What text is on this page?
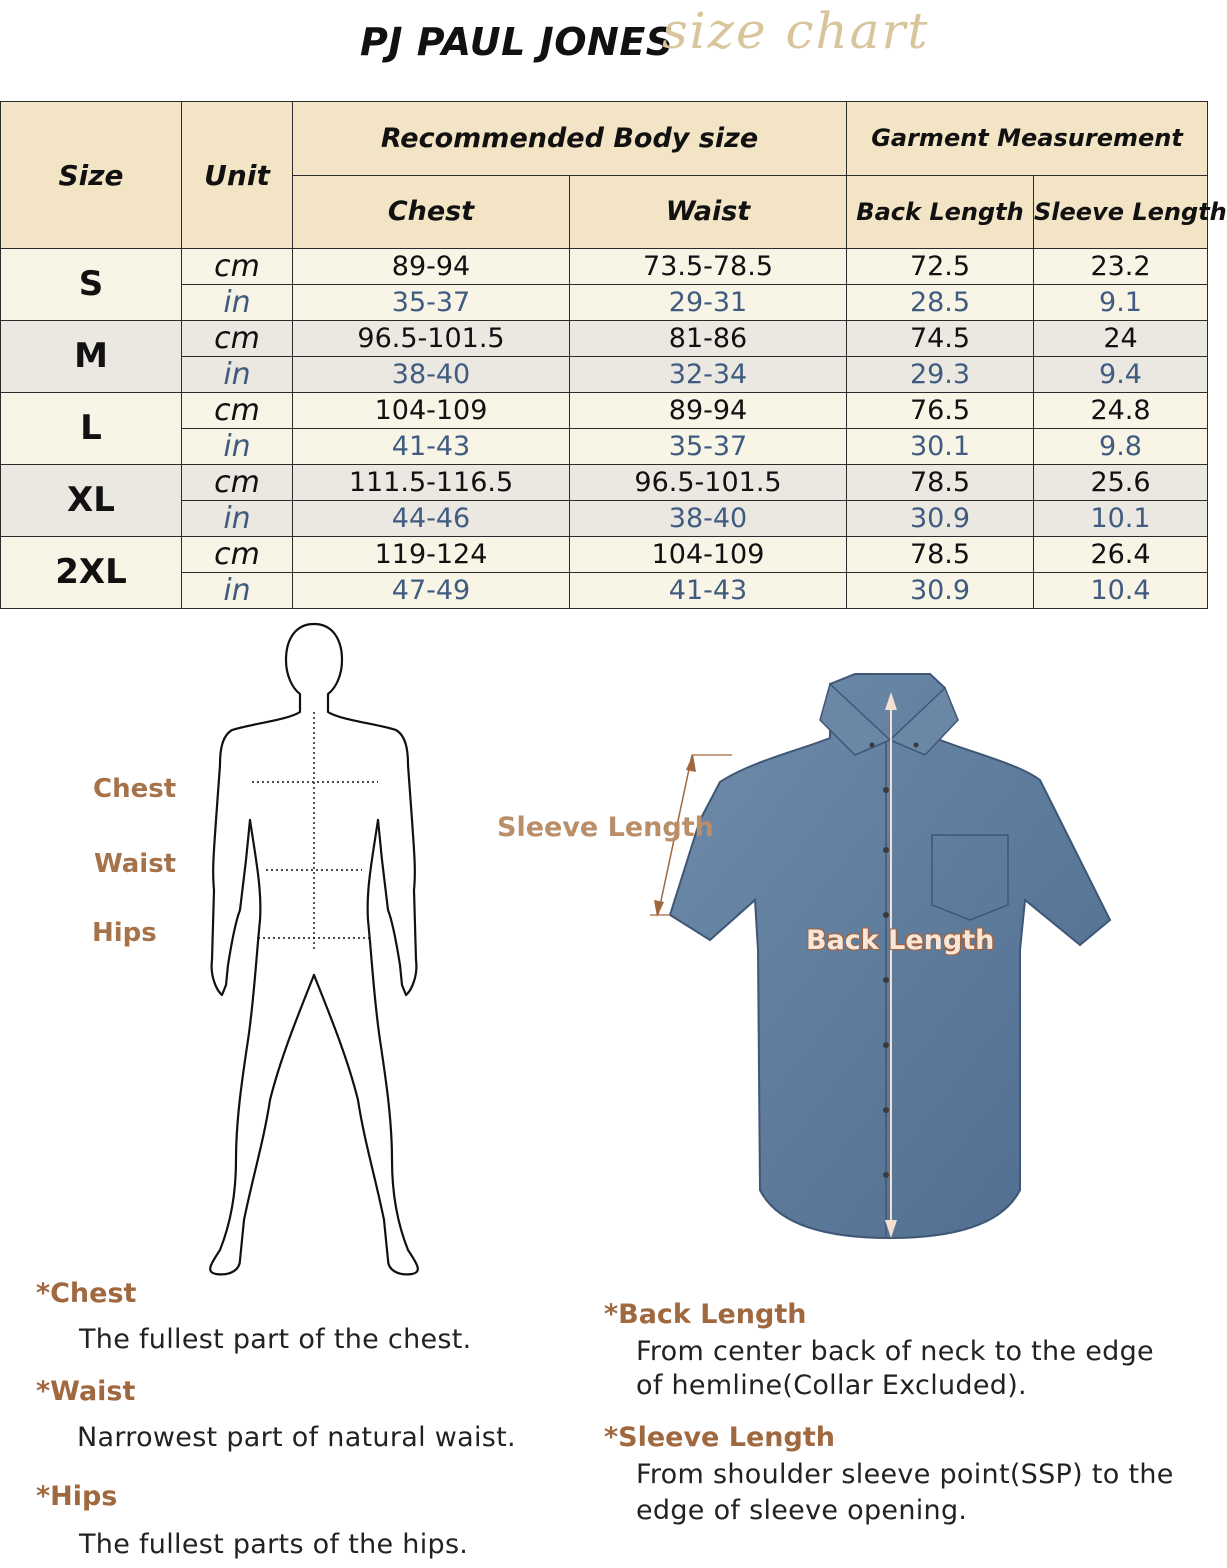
PJ PAUL JONES
size chart
Size	Unit	Recommended Body size		Garment Measurement	
		Chest	Waist	Back Length	Sleeve Length
S	cm	89-94	73.5-78.5	72.5	23.2
	in	35-37	29-31	28.5	9.1
M	cm	96.5-101.5	81-86	74.5	24
	in	38-40	32-34	29.3	9.4
L	cm	104-109	89-94	76.5	24.8
	in	41-43	35-37	30.1	9.8
XL	cm	111.5-116.5	96.5-101.5	78.5	25.6
	in	44-46	38-40	30.9	10.1
2XL	cm	119-124	104-109	78.5	26.4
	in	47-49	41-43	30.9	10.4
Chest
Waist
Hips
Sleeve Length
Back Length
*Chest
The fullest part of the chest.
*Waist
Narrowest part of natural waist.
*Hips
The fullest parts of the hips.
*Back Length
From center back of neck to the edge
of hemline(Collar Excluded).
*Sleeve Length
From shoulder sleeve point(SSP) to the
edge of sleeve opening.
